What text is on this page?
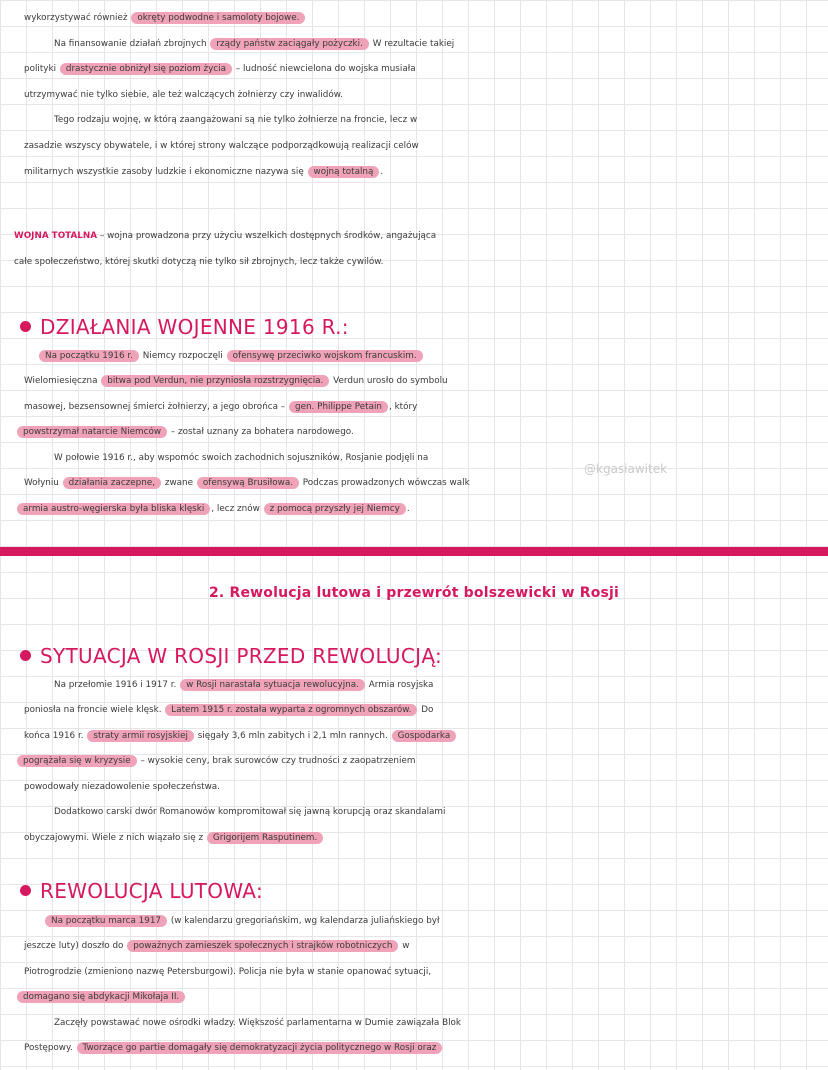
wykorzystywać również okręty podwodne i samoloty bojowe.
Na finansowanie działań zbrojnych rządy państw zaciągały pożyczki. W rezultacie takiej
polityki drastycznie obniżył się poziom życia – ludność niewcielona do wojska musiała
utrzymywać nie tylko siebie, ale też walczących żołnierzy czy inwalidów.
Tego rodzaju wojnę, w którą zaangażowani są nie tylko żołnierze na froncie, lecz w
zasadzie wszyscy obywatele, i w której strony walczące podporządkowują realizacji celów
militarnych wszystkie zasoby ludzkie i ekonomiczne nazywa się wojną totalną .
WOJNA TOTALNA – wojna prowadzona przy użyciu wszelkich dostępnych środków, angażująca
całe społeczeństwo, której skutki dotyczą nie tylko sił zbrojnych, lecz także cywilów.
DZIAŁANIA WOJENNE 1916 R.:
Na początku 1916 r. Niemcy rozpoczęli ofensywę przeciwko wojskom francuskim.
Wielomiesięczna bitwa pod Verdun, nie przyniosła rozstrzygnięcia. Verdun urosło do symbolu
masowej, bezsensownej śmierci żołnierzy, a jego obrońca – gen. Philippe Petain , który
powstrzymał natarcie Niemców – został uznany za bohatera narodowego.
W połowie 1916 r., aby wspomóc swoich zachodnich sojuszników, Rosjanie podjęli na
@kgasiawitek
Wołyniu działania zaczepne, zwane ofensywą Brusiłowa. Podczas prowadzonych wówczas walk
armia austro-węgierska była bliska klęski , lecz znów z pomocą przyszły jej Niemcy .
2. Rewolucja lutowa i przewrót bolszewicki w Rosji
SYTUACJA W ROSJI PRZED REWOLUCJĄ:
Na przełomie 1916 i 1917 r. w Rosji narastała sytuacja rewolucyjna. Armia rosyjska
poniosła na froncie wiele klęsk. Latem 1915 r. została wyparta z ogromnych obszarów. Do
końca 1916 r. straty armii rosyjskiej sięgały 3,6 mln zabitych i 2,1 mln rannych. Gospodarka
pogrążała się w kryzysie – wysokie ceny, brak surowców czy trudności z zaopatrzeniem
powodowały niezadowolenie społeczeństwa.
Dodatkowo carski dwór Romanowów kompromitował się jawną korupcją oraz skandalami
obyczajowymi. Wiele z nich wiązało się z Grigorijem Rasputinem.
REWOLUCJA LUTOWA:
Na początku marca 1917 (w kalendarzu gregoriańskim, wg kalendarza juliańskiego był
jeszcze luty) doszło do poważnych zamieszek społecznych i strajków robotniczych w
Piotrogrodzie (zmieniono nazwę Petersburgowi). Policja nie była w stanie opanować sytuacji,
domagano się abdykacji Mikołaja II.
Zaczęły powstawać nowe ośrodki władzy. Większość parlamentarna w Dumie zawiązała Blok
Postępowy. Tworzące go partie domagały się demokratyzacji życia politycznego w Rosji oraz
